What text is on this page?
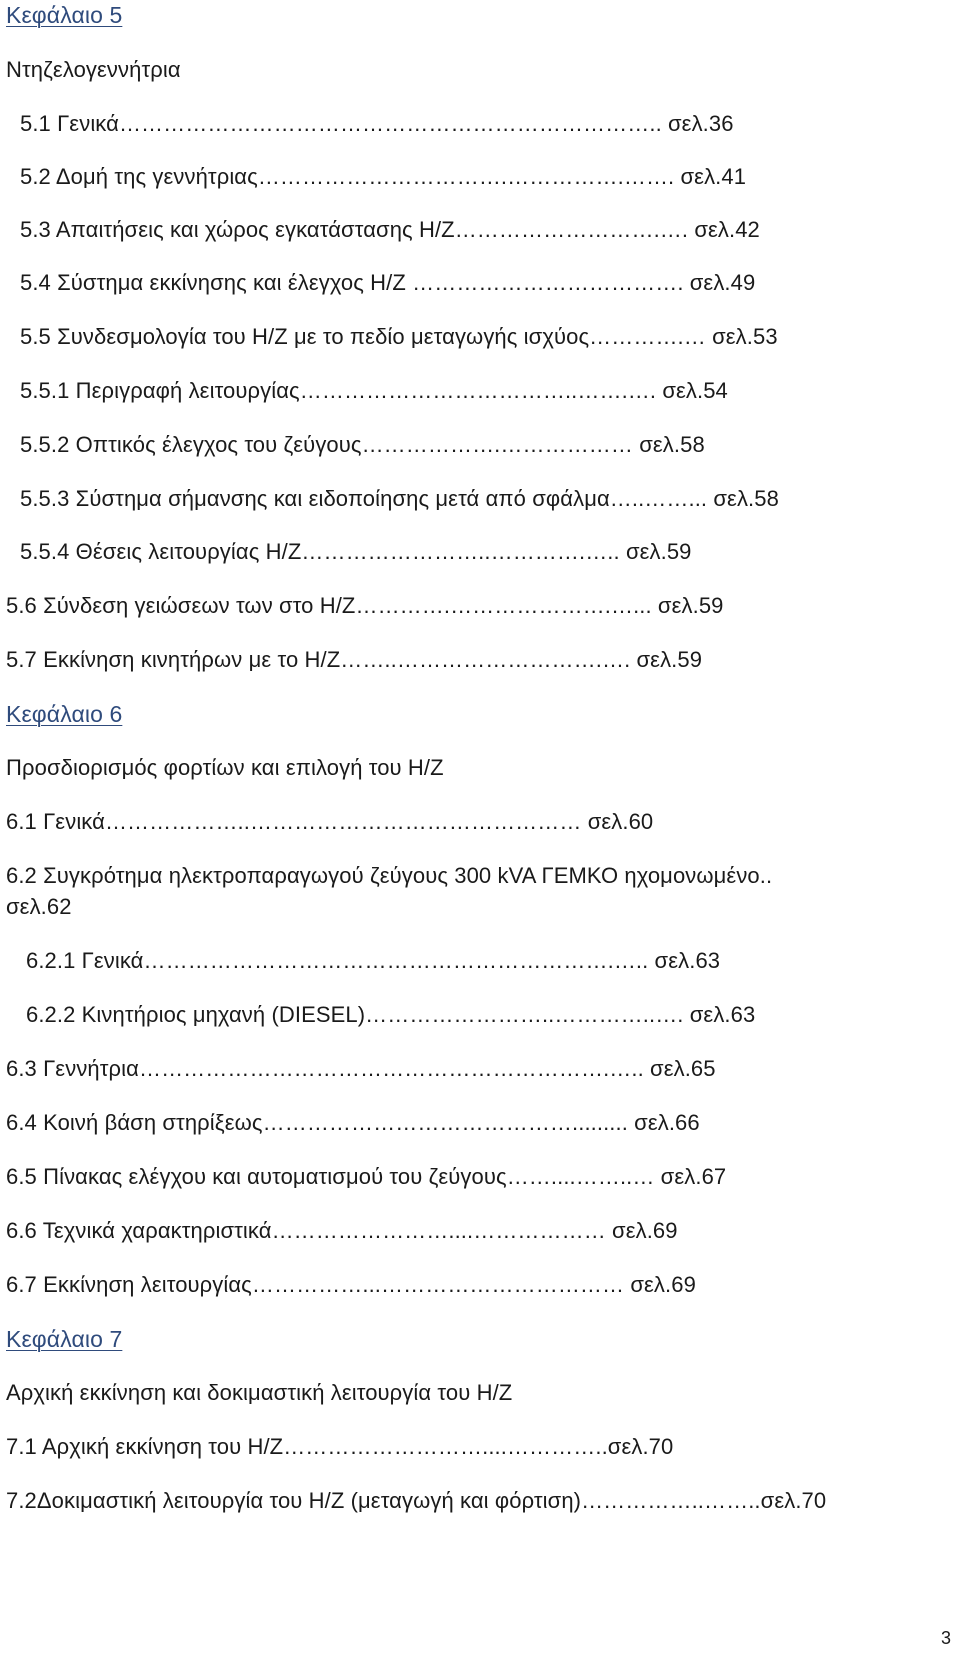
Κεφάλαιο 5
Ντηζελογεννήτρια
5.1 Γενικά……………………………………………………………….. σελ.36
5.2 Δομή της γεννήτριας…………………………….…………….……. σελ.41
5.3 Απαιτήσεις και χώρος εγκατάστασης Η/Ζ……………………….…. σελ.42
5.4 Σύστημα εκκίνησης και έλεγχος Η/Ζ ………………………………. σελ.49
5.5 Συνδεσμολογία του Η/Ζ με το πεδίο μεταγωγής ισχύος………….… σελ.53
5.5.1 Περιγραφή λειτουργίας………………………………..…….…. σελ.54
5.5.2 Οπτικός έλεγχος του ζεύγους……………….……………… σελ.58
5.5.3 Σύστημα σήμανσης και ειδοποίησης μετά από σφάλμα…..……... σελ.58
5.5.4 Θέσεις λειτουργίας Η/Ζ……………………..………….….. σελ.59
5.6 Σύνδεση γειώσεων των στο Η/Ζ………….………………….…... σελ.59
5.7 Εκκίνηση κινητήρων με το Η/Ζ……..……………………….…. σελ.59
Κεφάλαιο 6
Προσδιορισμός φορτίων και επιλογή του Η/Ζ
6.1 Γενικά………………..……………………………………… σελ.60
6.2 Συγκρότημα ηλεκτροπαραγωγού ζεύγους 300 kVA ΓΕΜΚΟ ηχομονωμένο..
σελ.62
6.2.1 Γενικά……………………………………………………….….. σελ.63
6.2.2 Κινητήριος μηχανή (DIESEL)……………………..…………..…. σελ.63
6.3 Γεννήτρια……………………………………………………….….. σελ.65
6.4 Κοινή βάση στηρίξεως……………………………………......... σελ.66
6.5 Πίνακας ελέγχου και αυτοματισμού του ζεύγους……....……..… σελ.67
6.6 Τεχνικά χαρακτηριστικά……………………....……………… σελ.69
6.7 Εκκίνηση λειτουργίας……………...…………………………… σελ.69
Κεφάλαιο 7
Αρχική εκκίνηση και δοκιμαστική λειτουργία του Η/Ζ
7.1 Αρχική εκκίνηση του Η/Ζ………………………....…………..σελ.70
7.2Δοκιμαστική λειτουργία του Η/Ζ (μεταγωγή και φόρτιση)……………..……..σελ.70
3
